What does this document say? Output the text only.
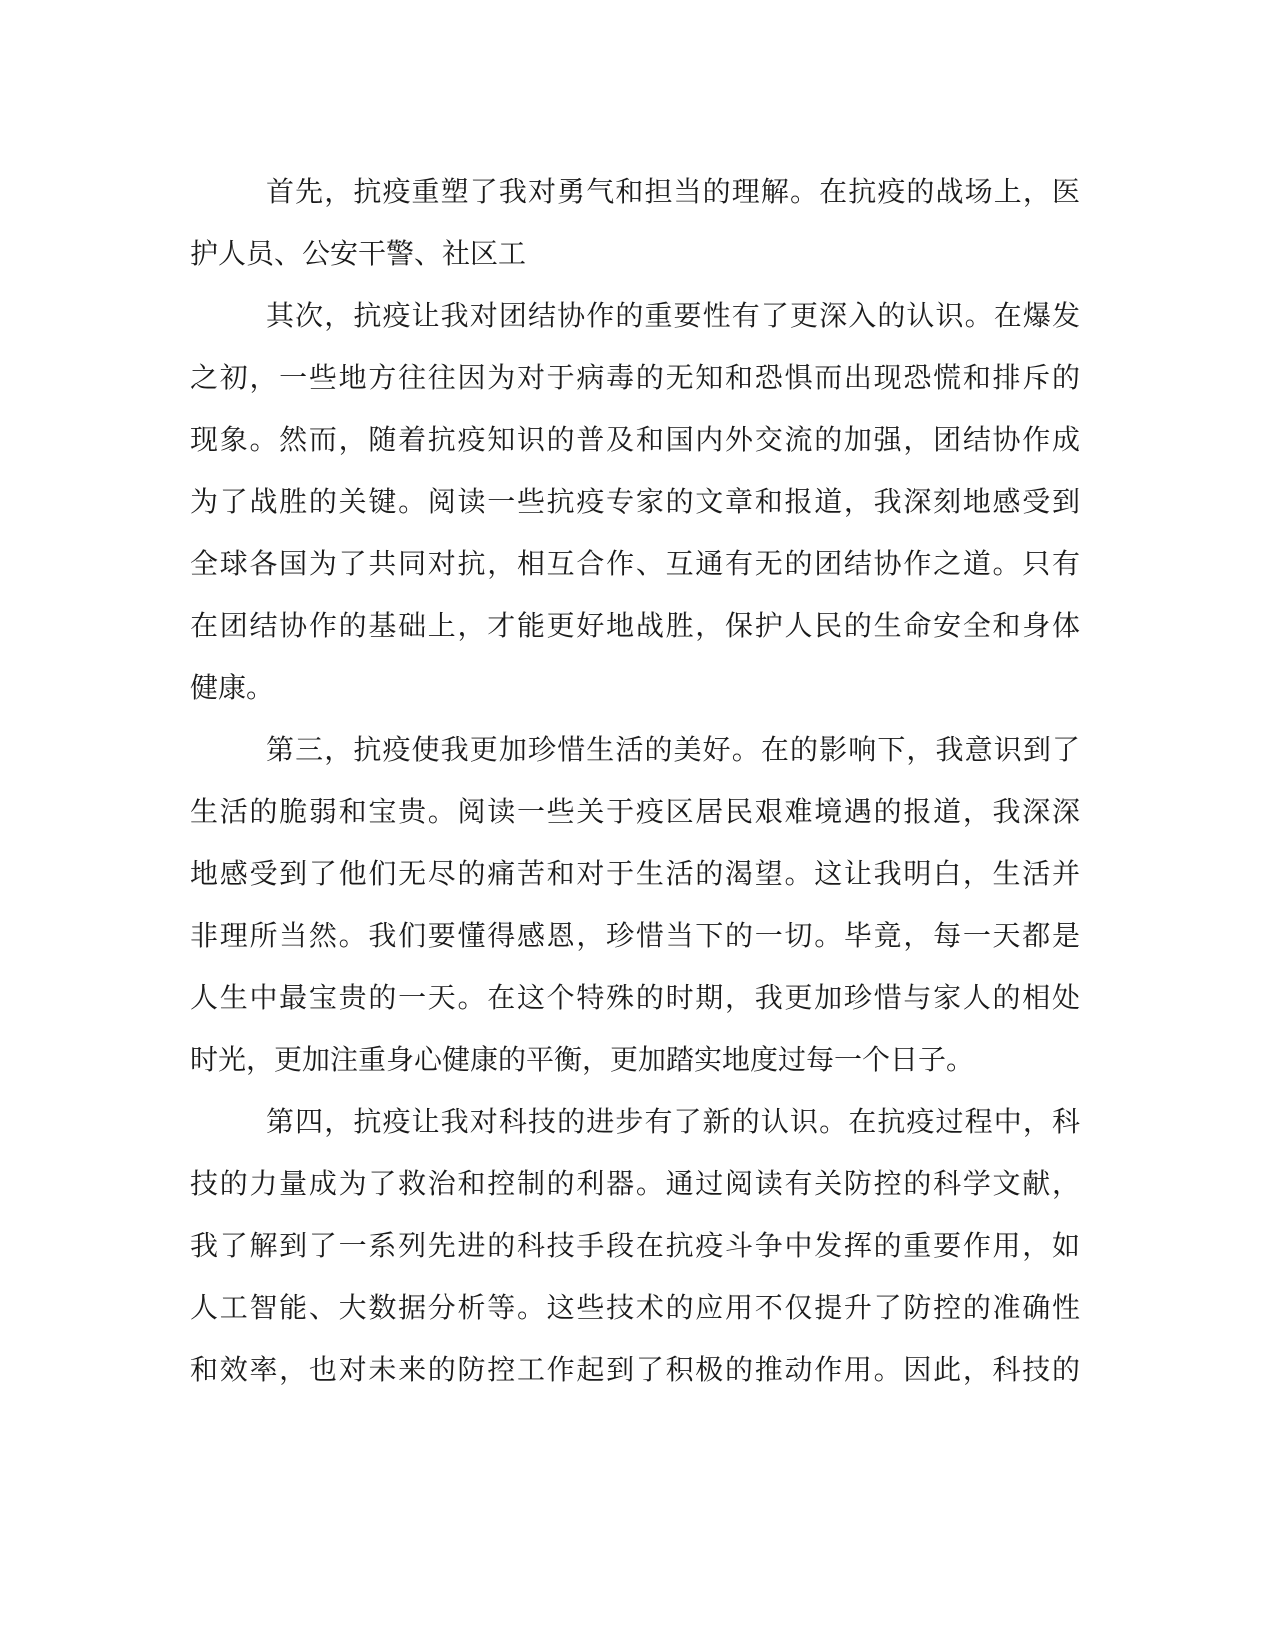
首先，抗疫重塑了我对勇气和担当的理解。在抗疫的战场上，医
护人员、公安干警、社区工
其次，抗疫让我对团结协作的重要性有了更深入的认识。在爆发
之初，一些地方往往因为对于病毒的无知和恐惧而出现恐慌和排斥的
现象。然而，随着抗疫知识的普及和国内外交流的加强，团结协作成
为了战胜的关键。阅读一些抗疫专家的文章和报道，我深刻地感受到
全球各国为了共同对抗，相互合作、互通有无的团结协作之道。只有
在团结协作的基础上，才能更好地战胜，保护人民的生命安全和身体
健康。
第三，抗疫使我更加珍惜生活的美好。在的影响下，我意识到了
生活的脆弱和宝贵。阅读一些关于疫区居民艰难境遇的报道，我深深
地感受到了他们无尽的痛苦和对于生活的渴望。这让我明白，生活并
非理所当然。我们要懂得感恩，珍惜当下的一切。毕竟，每一天都是
人生中最宝贵的一天。在这个特殊的时期，我更加珍惜与家人的相处
时光，更加注重身心健康的平衡，更加踏实地度过每一个日子。
第四，抗疫让我对科技的进步有了新的认识。在抗疫过程中，科
技的力量成为了救治和控制的利器。通过阅读有关防控的科学文献，
我了解到了一系列先进的科技手段在抗疫斗争中发挥的重要作用，如
人工智能、大数据分析等。这些技术的应用不仅提升了防控的准确性
和效率，也对未来的防控工作起到了积极的推动作用。因此，科技的
